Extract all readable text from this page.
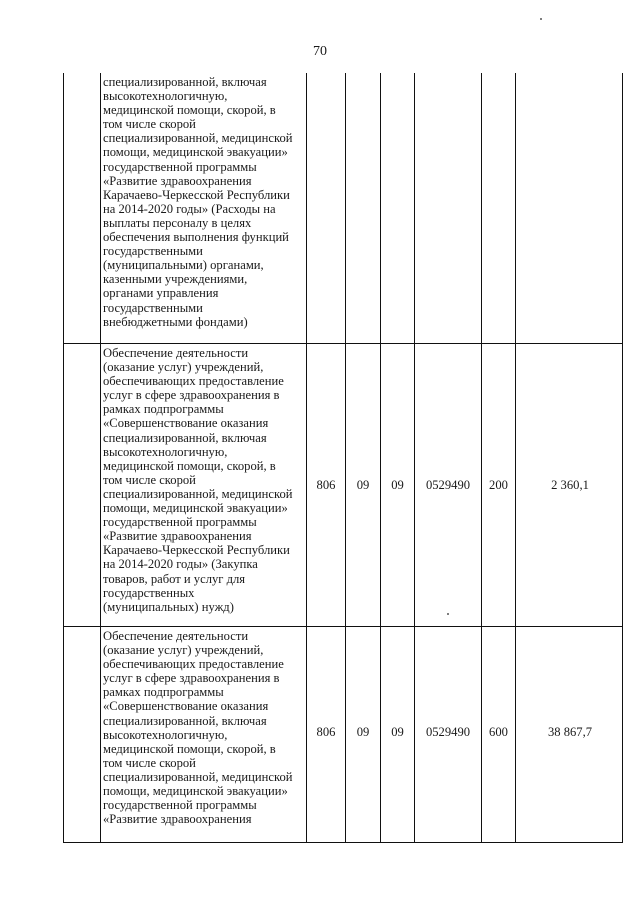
70
специализированной, включая
высокотехнологичную,
медицинской помощи, скорой, в
том числе скорой
специализированной, медицинской
помощи, медицинской эвакуации»
государственной программы
«Развитие здравоохранения
Карачаево-Черкесской Республики
на 2014-2020 годы» (Расходы на
выплаты персоналу в целях
обеспечения выполнения функций
государственными
(муниципальными) органами,
казенными учреждениями,
органами управления
государственными
внебюджетными фондами)
Обеспечение деятельности
(оказание услуг) учреждений,
обеспечивающих предоставление
услуг в сфере здравоохранения в
рамках подпрограммы
«Совершенствование оказания
специализированной, включая
высокотехнологичную,
медицинской помощи, скорой, в
том числе скорой
специализированной, медицинской
помощи, медицинской эвакуации»
государственной программы
«Развитие здравоохранения
Карачаево-Черкесской Республики
на 2014-2020 годы» (Закупка
товаров, работ и услуг для
государственных
(муниципальных) нужд)
806	09	09	0529490	200	2 360,1
Обеспечение деятельности
(оказание услуг) учреждений,
обеспечивающих предоставление
услуг в сфере здравоохранения в
рамках подпрограммы
«Совершенствование оказания
специализированной, включая
высокотехнологичную,
медицинской помощи, скорой, в
том числе скорой
специализированной, медицинской
помощи, медицинской эвакуации»
государственной программы
«Развитие здравоохранения
806	09	09	0529490	600	38 867,7
